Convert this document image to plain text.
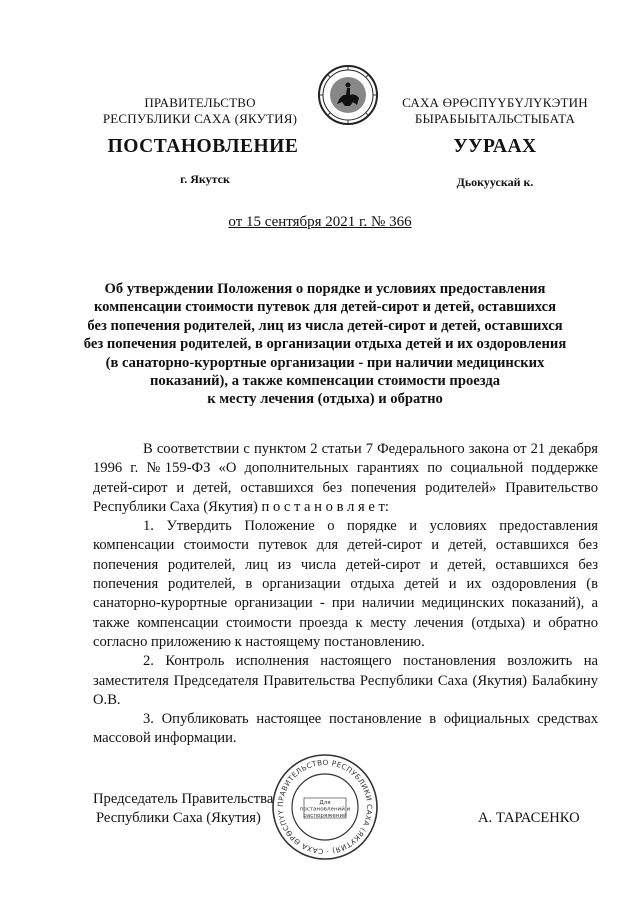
ПРАВИТЕЛЬСТВО
РЕСПУБЛИКИ САХА (ЯКУТИЯ)
САХА ӨРӨСПҮҮБҮЛҮКЭТИН
БЫРАБЫЫТАЛЬСТЫБАТА
ПОСТАНОВЛЕНИЕ	УУРААХ
г. Якутск	Дьокуускай к.
от 15 сентября 2021 г. № 366
Об утверждении Положения о порядке и условиях предоставления
компенсации стоимости путевок для детей-сирот и детей, оставшихся
без попечения родителей, лиц из числа детей-сирот и детей, оставшихся
без попечения родителей, в организации отдыха детей и их оздоровления
(в санаторно-курортные организации - при наличии медицинских
показаний), а также компенсации стоимости проезда
к месту лечения (отдыха) и обратно
В соответствии с пунктом 2 статьи 7 Федерального закона от 21 декабря 1996 г. №159-ФЗ «О дополнительных гарантиях по социальной поддержке детей-сирот и детей, оставшихся без попечения родителей» Правительство Республики Саха (Якутия) п о с т а н о в л я е т:
1. Утвердить Положение о порядке и условиях предоставления компенсации стоимости путевок для детей-сирот и детей, оставшихся без попечения родителей, лиц из числа детей-сирот и детей, оставшихся без попечения родителей, в организации отдыха детей и их оздоровления (в санаторно-курортные организации - при наличии медицинских показаний), а также компенсации стоимости проезда к месту лечения (отдыха) и обратно согласно приложению к настоящему постановлению.
2. Контроль исполнения настоящего постановления возложить на заместителя Председателя Правительства Республики Саха (Якутия) Балабкину О.В.
3. Опубликовать настоящее постановление в официальных средствах массовой информации.
Председатель Правительства
Республики Саха (Якутия)	А. ТАРАСЕНКО
ПРАВИТЕЛЬСТВО РЕСПУБЛИКИ САХА (ЯКУТИЯ) · САХА ӨРӨСПҮҮ
Для
постановлений и
распоряжений
